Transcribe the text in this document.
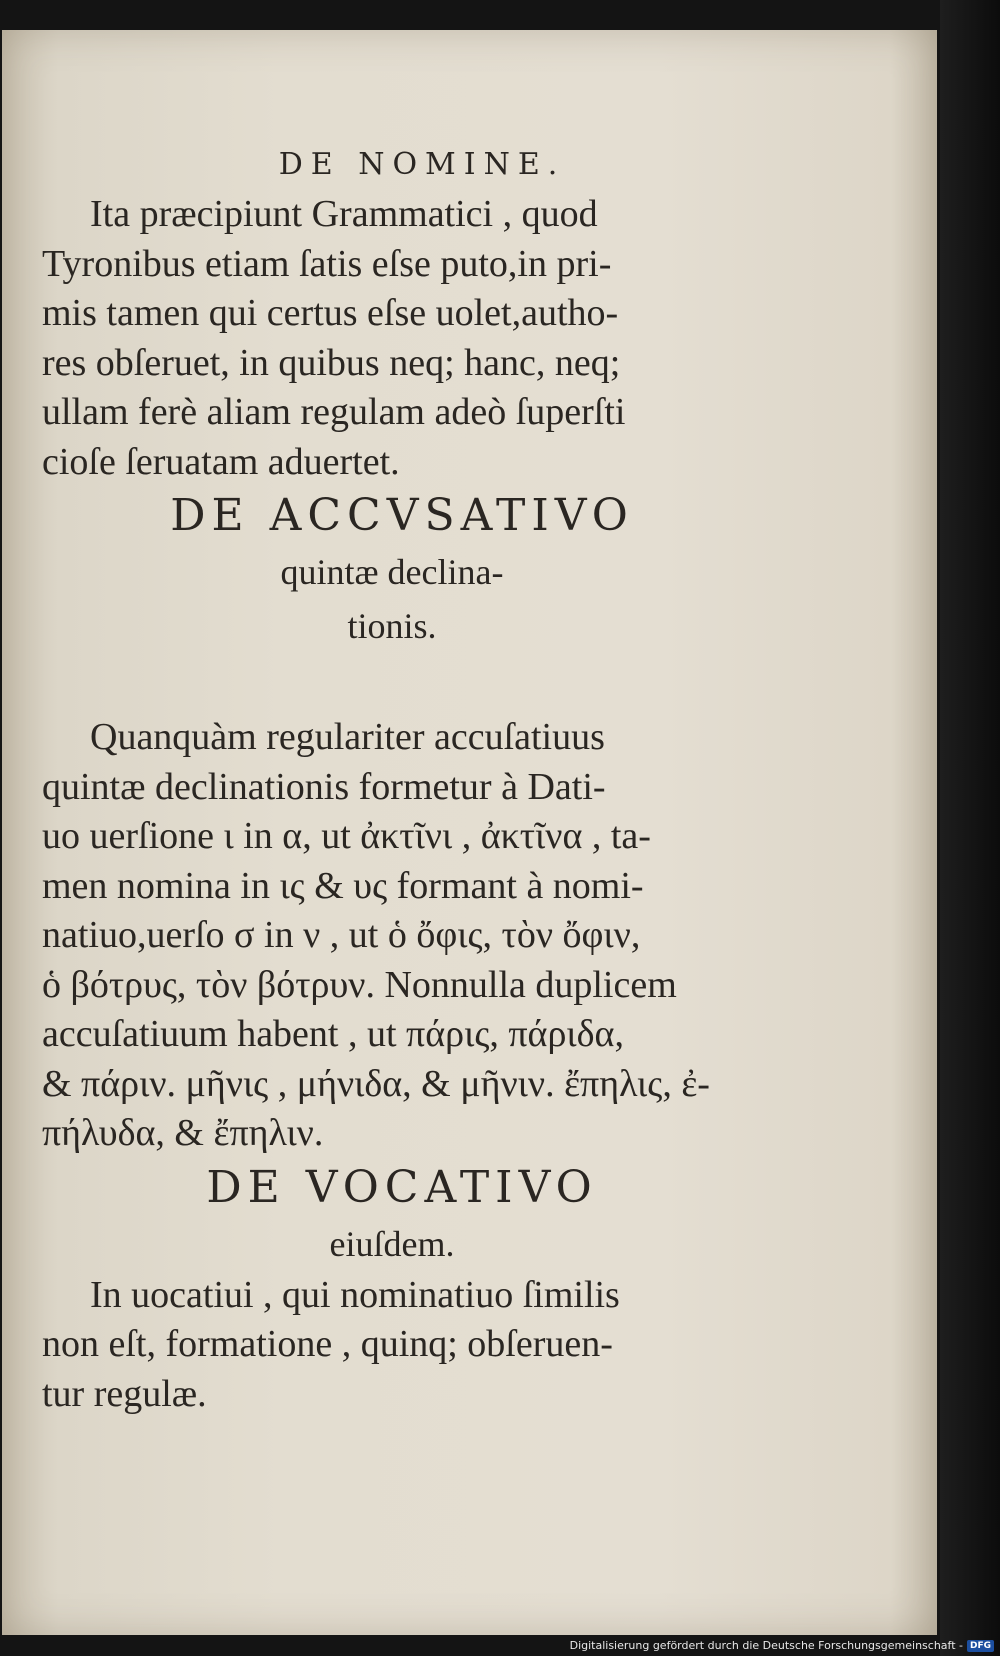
DE NOMINE.
Ita præcipiunt Grammatici , quod
Tyronibus etiam ſatis eſse puto,in pri-
mis tamen qui certus eſse uolet,autho-
res obſeruet, in quibus neq; hanc, neq;
ullam ferè aliam regulam adeò ſuperſti
cioſe ſeruatam aduertet.
DE ACCVSATIVO
quintæ declina-
tionis.
Quanquàm regulariter accuſatiuus
quintæ declinationis formetur à Dati-
uo uerſione ι in α, ut ἀκτῖνι , ἀκτῖνα , ta-
men nomina in ις & υς formant à nomi-
natiuo,uerſo σ in ν , ut ὁ ὄφις, τὸν ὄφιν,
ὁ βότρυς, τὸν βότρυν. Nonnulla duplicem
accuſatiuum habent , ut πάρις, πάριδα,
& πάριν. μῆνις , μήνιδα, & μῆνιν. ἔπηλις, ἐ-
πήλυδα, & ἔπηλιν.
DE VOCATIVO
eiuſdem.
In uocatiui , qui nominatiuo ſimilis
non eſt, formatione , quinq; obſeruen-
tur regulæ.
Digitalisierung gefördert durch die Deutsche Forschungsgemeinschaft - DFG
